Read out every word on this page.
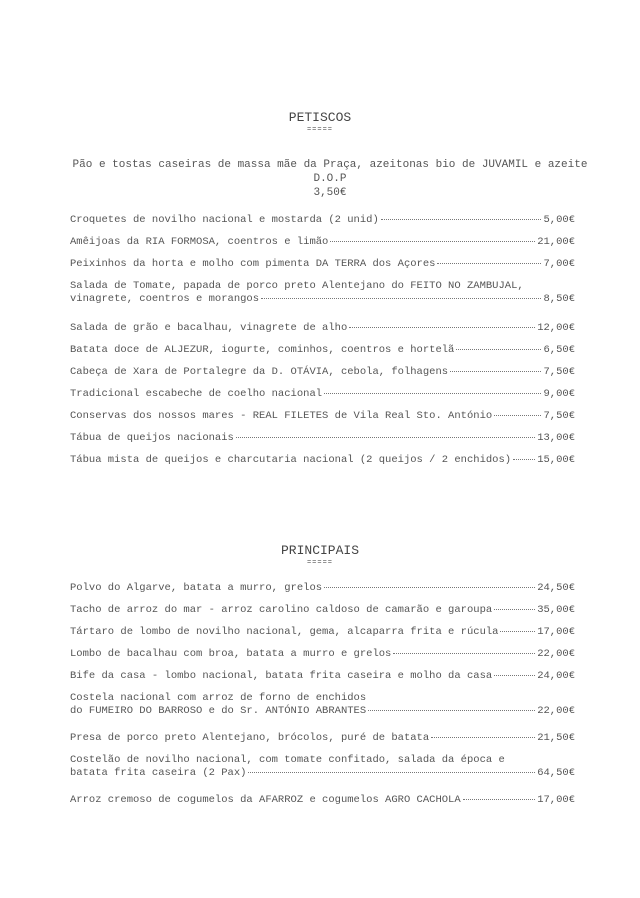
PETISCOS
=====
Pão e tostas caseiras de massa mãe da Praça, azeitonas bio de JUVAMIL e azeite D.O.P
3,50€
Croquetes de novilho nacional e mostarda (2 unid)	5,00€
Amêijoas da RIA FORMOSA, coentros e limão	21,00€
Peixinhos da horta e molho com pimenta DA TERRA dos Açores	7,00€
Salada de Tomate, papada de porco preto Alentejano do FEITO NO ZAMBUJAL,
vinagrete, coentros e morangos	8,50€
Salada de grão e bacalhau, vinagrete de alho	12,00€
Batata doce de ALJEZUR, iogurte, cominhos, coentros e hortelã	6,50€
Cabeça de Xara de Portalegre da D. OTÁVIA, cebola, folhagens	7,50€
Tradicional escabeche de coelho nacional	9,00€
Conservas dos nossos mares - REAL FILETES de Vila Real Sto. António	7,50€
Tábua de queijos nacionais	13,00€
Tábua mista de queijos e charcutaria nacional (2 queijos / 2 enchidos) 15,00€
PRINCIPAIS
=====
Polvo do Algarve, batata a murro, grelos	24,50€
Tacho de arroz do mar - arroz carolino caldoso de camarão e garoupa	35,00€
Tártaro de lombo de novilho nacional, gema, alcaparra frita e rúcula	17,00€
Lombo de bacalhau com broa, batata a murro e grelos	22,00€
Bife da casa - lombo nacional, batata frita caseira e molho da casa	24,00€
Costela nacional com arroz de forno de enchidos
do FUMEIRO DO BARROSO e do Sr. ANTÓNIO ABRANTES	22,00€
Presa de porco preto Alentejano, brócolos, puré de batata	21,50€
Costelão de novilho nacional, com tomate confitado, salada da época e
batata frita caseira (2 Pax)	64,50€
Arroz cremoso de cogumelos da AFARROZ e cogumelos AGRO CACHOLA	17,00€
